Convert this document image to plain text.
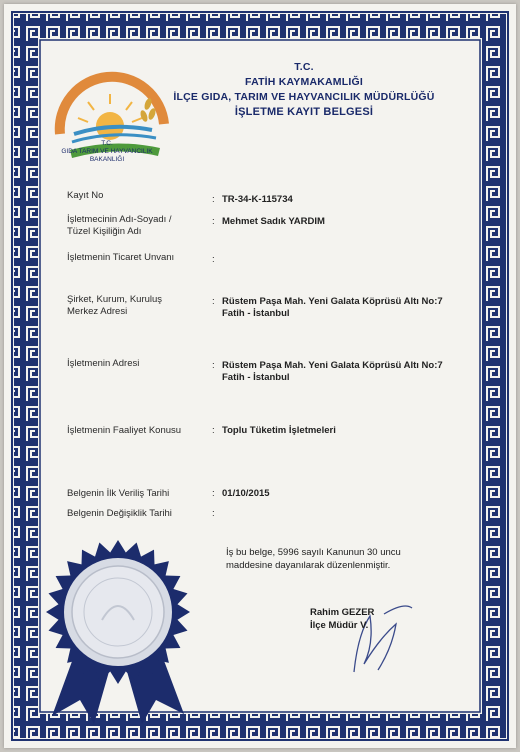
T.C.
GIDA TARIM VE HAYVANCILIK
BAKANLIĞI
T.C.
FATİH KAYMAKAMLIĞI
İLÇE GIDA, TARIM VE HAYVANCILIK MÜDÜRLÜĞÜ
İŞLETME KAYIT BELGESİ
Kayıt No	: TR-34-K-115734
İşletmecinin Adı-Soyadı / Tüzel Kişiliğin Adı
: Mehmet Sadık YARDIM
İşletmenin Ticaret Unvanı	:
Şirket, Kurum, Kuruluş Merkez Adresi
: Rüstem Paşa Mah. Yeni Galata Köprüsü Altı No:7 Fatih - İstanbul
İşletmenin Adresi	: Rüstem Paşa Mah. Yeni Galata Köprüsü Altı No:7 Fatih - İstanbul
İşletmenin Faaliyet Konusu	: Toplu Tüketim İşletmeleri
Belgenin İlk Veriliş Tarihi	: 01/10/2015
Belgenin Değişiklik Tarihi	:
İş bu belge, 5996 sayılı Kanunun 30 uncu maddesine dayanılarak düzenlenmiştir.
Rahim GEZER
İlçe Müdür V.
